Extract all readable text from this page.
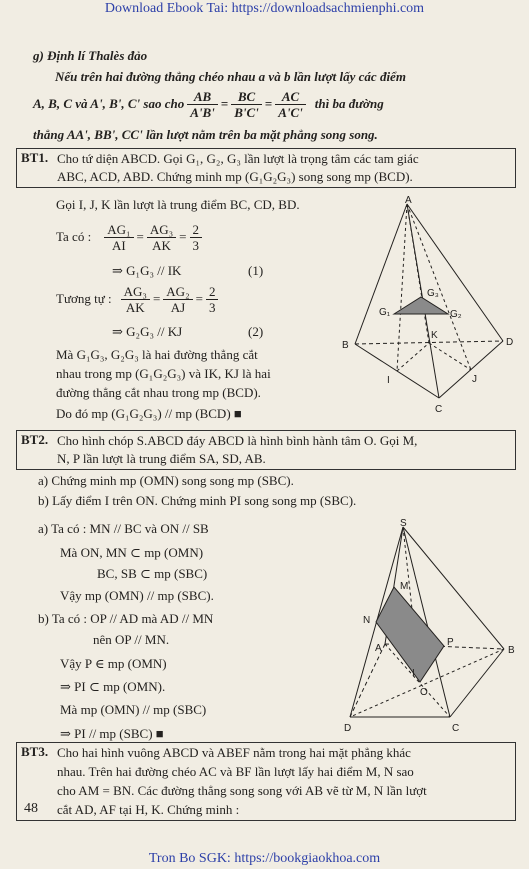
Download Ebook Tai: https://downloadsachmienphi.com
g) Định lí Thalès đảo
Nếu trên hai đường thẳng chéo nhau a và b lần lượt lấy các điểm
A, B, C và A', B', C' sao cho $\frac{AB}{A'B'} = \frac{BC}{B'C'} = \frac{AC}{A'C'}$ thì ba đường
thẳng AA', BB', CC' lần lượt nằm trên ba mặt phẳng song song.
BT1. Cho tứ diện ABCD. Gọi G₁, G₂, G₃ lần lượt là trọng tâm các tam giác
ABC, ACD, ABD. Chứng minh mp (G₁G₂G₃) song song mp (BCD).
Gọi I, J, K lần lượt là trung điểm BC, CD, BD.
Ta có : $\frac{\text{AG₁}}{AI} = \frac{\text{AG₃}}{AK} = \frac{2}{3}$
⇒ G₁G₃ // IK	(1)
Tương tự : $\frac{\text{AG₃}}{AK} = \frac{\text{AG₂}}{AJ} = \frac{2}{3}$
⇒ G₂G₃ // KJ	(2)
Mà G₁G₃, G₂G₃ là hai đường thẳng cắt
nhau trong mp (G₁G₂G₃) và IK, KJ là hai
đường thẳng cắt nhau trong mp (BCD).
Do đó mp (G₁G₂G₃) // mp (BCD) ■
A
B
C
D
G₁	G₂
G₃
I	J
K
BT2. Cho hình chóp S.ABCD đáy ABCD là hình bình hành tâm O. Gọi M,
N, P lần lượt là trung điểm SA, SD, AB.
a) Chứng minh mp (OMN) song song mp (SBC).
b) Lấy điểm I trên ON. Chứng minh PI song song mp (SBC).
a) Ta có : MN // BC và ON // SB
Mà ON, MN ⊂ mp (OMN)
BC, SB ⊂ mp (SBC)
Vậy mp (OMN) // mp (SBC).
b) Ta có : OP // AD mà AD // MN
nên OP // MN.
Vậy P ∈ mp (OMN)
⇒ PI ⊂ mp (OMN).
Mà mp (OMN) // mp (SBC)
⇒ PI // mp (SBC) ■
S
M
N
A
P
B
I
O
D	C
BT3. Cho hai hình vuông ABCD và ABEF nằm trong hai mặt phẳng khác
nhau. Trên hai đường chéo AC và BF lần lượt lấy hai điểm M, N sao
cho AM = BN. Các đường thẳng song song với AB vẽ từ M, N lần lượt
cắt AD, AF tại H, K. Chứng minh :
48
Tron Bo SGK: https://bookgiaokhoa.com
